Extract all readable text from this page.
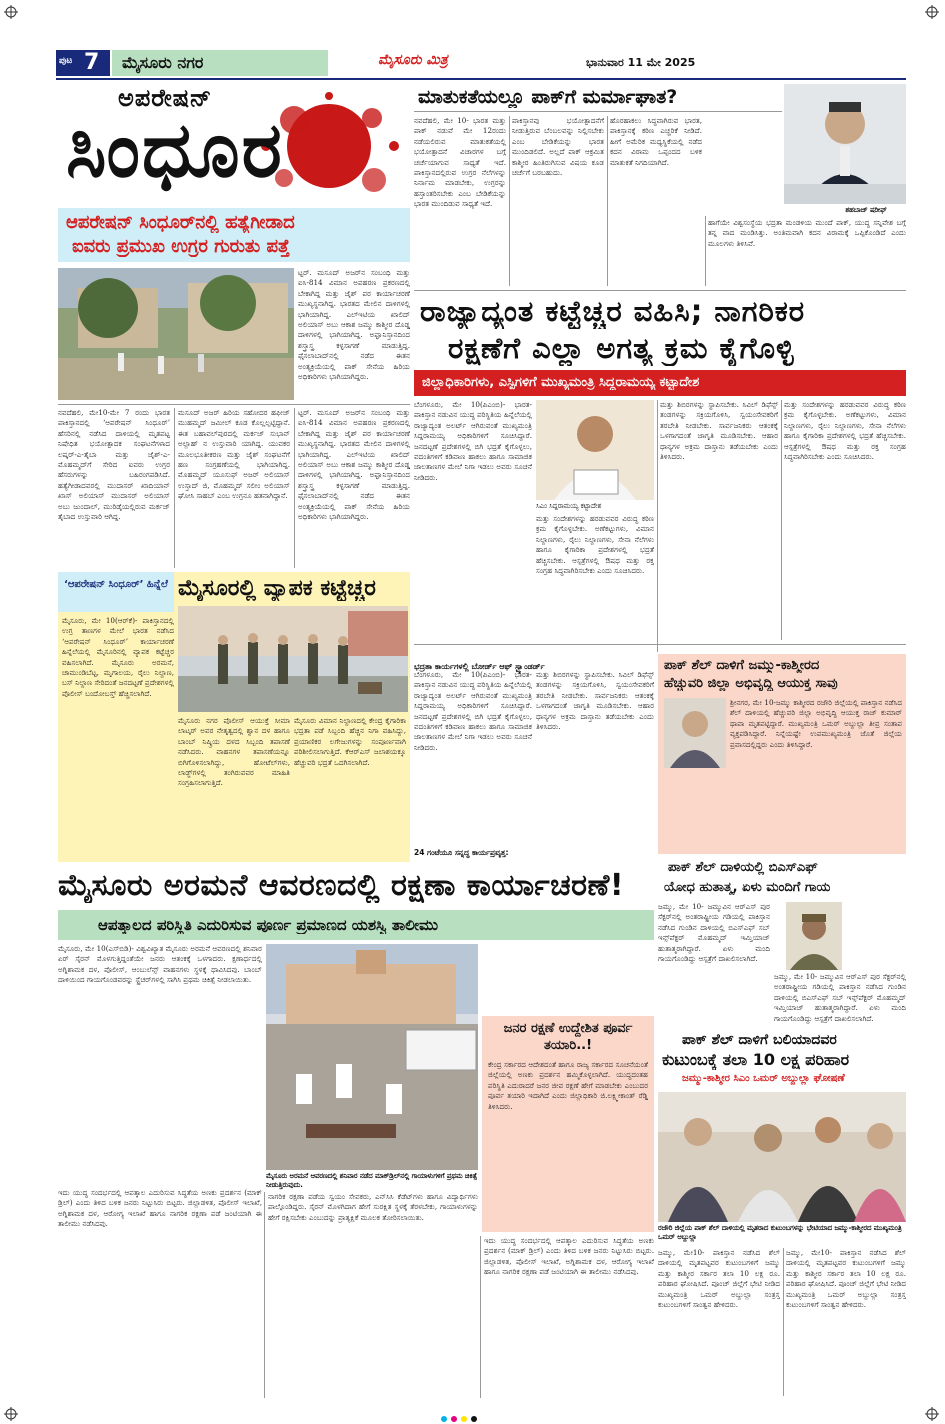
ಪುಟ 7 ಮೈಸೂರು ನಗರ	ಮೈಸೂರು ಮಿತ್ರ	ಭಾನುವಾರ 11 ಮೇ 2025
ಅಪರೇಷನ್
ಸಿಂಧೂರ
ಆಪರೇಷನ್ ಸಿಂಧೂರ್‌ನಲ್ಲಿ ಹತ್ಯೆಗೀಡಾದ
ಐವರು ಪ್ರಮುಖ ಉಗ್ರರ ಗುರುತು ಪತ್ತೆ
ಟ್ಟರ್. ಮಸೂದ್ ಅಜರ್‌ನ ಸಂಬಂಧಿ ಮತ್ತು ಐಸಿ-814 ವಿಮಾನ ಅಪಹರಣ ಪ್ರಕರಣದಲ್ಲಿ ಬೇಕಾಗಿದ್ದ ಮತ್ತು ಜೈಶ್ ಪರ ಕಾರ್ಯಾಚರಣೆ ಮುಖ್ಯಸ್ಥನಾಗಿದ್ದ. ಭಾರತದ ಮೇಲಿನ ದಾಳಿಗಳಲ್ಲಿ ಭಾಗಿಯಾಗಿದ್ದ. ಎಲ್‌ಇಟಿಯ ಖಾಲಿದ್ ಅಲಿಯಾಸ್ ಅಬು ಆಕಾಶ ಜಮ್ಮು ಕಾಶ್ಮೀರ ದೊಡ್ಡ ದಾಳಿಗಳಲ್ಲಿ ಭಾಗಿಯಾಗಿದ್ದ. ಅಫ್ಘಾನಿಸ್ತಾನದಿಂದ ಶಸ್ತ್ರಾಸ್ತ್ರ ಕಳ್ಳಸಾಗಣೆ ಮಾಡುತ್ತಿದ್ದ. ಫೈಸಲಾಬಾದ್‌ನಲ್ಲಿ ನಡೆದ ಈತನ ಅಂತ್ಯಕ್ರಿಯೆಯಲ್ಲಿ ಪಾಕ್ ಸೇನೆಯ ಹಿರಿಯ ಅಧಿಕಾರಿಗಳು ಭಾಗಿಯಾಗಿದ್ದರು.
ನವದೆಹಲಿ, ಮೇ10-ಮೇ 7 ರಂದು ಭಾರತ ಪಾಕಿಸ್ತಾನದಲ್ಲಿ ‘ಆಪರೇಷನ್ ಸಿಂಧೂರ್’ ಹೆಸರಿನಲ್ಲಿ ನಡೆಸಿದ ದಾಳಿಯಲ್ಲಿ ಮೃತಪಟ್ಟ ನಿಷೇಧಿತ ಭಯೋತ್ಪಾದಕ ಸಂಘಟನೆಗಳಾದ ಲಷ್ಕರ್-ಎ-ತೈಬಾ ಮತ್ತು ಜೈಶ್-ಎ-ಮೊಹಮ್ಮದ್‌ಗೆ ಸೇರಿದ ಐವರು ಉಗ್ರರ ಹೆಸರುಗಳನ್ನು ಬಹಿರಂಗಪಡಿಸಿದೆ. ಹತ್ಯೆಗೀಡಾದವರಲ್ಲಿ ಮುದಾಸರ್ ಖಾದಿಯಾನ್ ಖಾಸ್ ಅಲಿಯಾಸ್ ಮುದಾಸರ್ ಅಲಿಯಾಸ್ ಅಬು ಜುಂದಾಲ್, ಮುರಿಡ್ಕೆಯಲ್ಲಿರುವ ಮರ್ಕಜ್ ತೈಬಾದ ಉಸ್ತುವಾರಿ ಆಗಿದ್ದ.
ಮಸೂದ್ ಅಜರ್ ಹಿರಿಯ ಸಹೋದರ ಹಫೀಜ್ ಮುಹಮ್ಮದ್ ಜಮೀಲ್ ಕೂಡ ಕೊಲ್ಲಲ್ಪಟ್ಟಿದ್ದಾನೆ. ಈತ ಬಹಾವಲ್‌ಪುರದಲ್ಲಿ ಮರ್ಕಜ್ ಸುಭಾನ್ ಅಲ್ಲಾಹ್ ನ ಉಸ್ತುವಾರಿ ಯಾಗಿದ್ದ. ಯುವಕರ ಮೂಲಭೂತೀಕರಣ ಮತ್ತು ಜೈಶ್ ಸಂಘಟನೆಗೆ ಹಣ ಸಂಗ್ರಹಣೆಯಲ್ಲಿ ಭಾಗಿಯಾಗಿದ್ದ. ಮೊಹಮ್ಮದ್ ಯೂಸುಫ್ ಅಜರ್ ಅಲಿಯಾಸ್ ಉಸ್ತಾದ್ ಜಿ, ಮೊಹಮ್ಮದ್ ಸಲೀಂ ಅಲಿಯಾಸ್ ಘೋಸಿ ಸಾಹಬ್ ಎಂಬ ಉಗ್ರನೂ ಹತನಾಗಿದ್ದಾನೆ.
ಟ್ಟರ್. ಮಸೂದ್ ಅಜರ್‌ನ ಸಂಬಂಧಿ ಮತ್ತು ಐಸಿ-814 ವಿಮಾನ ಅಪಹರಣ ಪ್ರಕರಣದಲ್ಲಿ ಬೇಕಾಗಿದ್ದ ಮತ್ತು ಜೈಶ್ ಪರ ಕಾರ್ಯಾಚರಣೆ ಮುಖ್ಯಸ್ಥನಾಗಿದ್ದ. ಭಾರತದ ಮೇಲಿನ ದಾಳಿಗಳಲ್ಲಿ ಭಾಗಿಯಾಗಿದ್ದ. ಎಲ್‌ಇಟಿಯ ಖಾಲಿದ್ ಅಲಿಯಾಸ್ ಅಬು ಆಕಾಶ ಜಮ್ಮು ಕಾಶ್ಮೀರ ದೊಡ್ಡ ದಾಳಿಗಳಲ್ಲಿ ಭಾಗಿಯಾಗಿದ್ದ. ಅಫ್ಘಾನಿಸ್ತಾನದಿಂದ ಶಸ್ತ್ರಾಸ್ತ್ರ ಕಳ್ಳಸಾಗಣೆ ಮಾಡುತ್ತಿದ್ದ. ಫೈಸಲಾಬಾದ್‌ನಲ್ಲಿ ನಡೆದ ಈತನ ಅಂತ್ಯಕ್ರಿಯೆಯಲ್ಲಿ ಪಾಕ್ ಸೇನೆಯ ಹಿರಿಯ ಅಧಿಕಾರಿಗಳು ಭಾಗಿಯಾಗಿದ್ದರು.
ಮಾತುಕತೆಯಲ್ಲೂ ಪಾಕ್‌ಗೆ ಮರ್ಮಾಘಾತ?
ಶಹಬಾಜ್ ಷರೀಫ್
ನವದೆಹಲಿ, ಮೇ 10- ಭಾರತ ಮತ್ತು ಪಾಕ್ ನಡುವೆ ಮೇ 12ರಂದು ನಡೆಯಲಿರುವ ಮಾತುಕತೆಯಲ್ಲಿ ಭಯೋತ್ಪಾದನೆ ವಿಚಾರಗಳ ಬಗ್ಗೆ ಚರ್ಚೆಯಾಗುವ ಸಾಧ್ಯತೆ ಇದೆ. ಪಾಕಿಸ್ತಾನದಲ್ಲಿರುವ ಉಗ್ರರ ನೆಲೆಗಳನ್ನು ನಿರ್ನಾಮ ಮಾಡಬೇಕು, ಉಗ್ರರನ್ನು ಹಸ್ತಾಂತರಿಸಬೇಕು ಎಂಬ ಬೇಡಿಕೆಯನ್ನು ಭಾರತ ಮುಂದಿಡುವ ಸಾಧ್ಯತೆ ಇದೆ.
ಪಾಕಿಸ್ತಾನವು ಭಯೋತ್ಪಾದನೆಗೆ ನೀಡುತ್ತಿರುವ ಬೆಂಬಲವನ್ನು ನಿಲ್ಲಿಸಬೇಕು ಎಂಬ ಬೇಡಿಕೆಯನ್ನು ಭಾರತ ಮುಂದಿಡಲಿದೆ. ಅಲ್ಲದೆ ಪಾಕ್ ಆಕ್ರಮಿತ ಕಾಶ್ಮೀರ ಹಿಂತಿರುಗಿಸುವ ವಿಷಯ ಕೂಡ ಚರ್ಚೆಗೆ ಬರಬಹುದು.
ಹೊರಹಾಕಲು ಸಿದ್ಧವಾಗಿರುವ ಭಾರತ, ಪಾಕಿಸ್ತಾನಕ್ಕೆ ಕಠಿಣ ಎಚ್ಚರಿಕೆ ನೀಡಿದೆ. ಹೀಗೆ ಅಮೆರಿಕ ಮಧ್ಯಸ್ಥಿಕೆಯಲ್ಲಿ ನಡೆದ ಕದನ ವಿರಾಮ ಒಪ್ಪಂದದ ಬಳಿಕ ಮಾತುಕತೆ ನಿಗದಿಯಾಗಿದೆ.
ಹಾಗೆಯೇ ವಿಶ್ವಸಂಸ್ಥೆಯ ಭದ್ರತಾ ಮಂಡಳಿಯ ಮುಂದೆ ಪಾಕ್, ಯುದ್ಧ ಸನ್ನಿವೇಶ ಬಗ್ಗೆ ತನ್ನ ವಾದ ಮಂಡಿಸಿತ್ತು. ಅಂತಿಮವಾಗಿ ಕದನ ವಿರಾಮಕ್ಕೆ ಒಪ್ಪಿಕೊಂಡಿದೆ ಎಂದು ಮೂಲಗಳು ತಿಳಿಸಿವೆ.
ರಾಜ್ಯಾದ್ಯಂತ ಕಟ್ಟೆಚ್ಚರ ವಹಿಸಿ; ನಾಗರಿಕರ
ರಕ್ಷಣೆಗೆ ಎಲ್ಲಾ ಅಗತ್ಯ ಕ್ರಮ ಕೈಗೊಳ್ಳಿ
ಜಿಲ್ಲಾಧಿಕಾರಿಗಳು, ಎಸ್ಪಿಗಳಿಗೆ ಮುಖ್ಯಮಂತ್ರಿ ಸಿದ್ದರಾಮಯ್ಯ ಕಟ್ಟಾದೇಶ
ಬೆಂಗಳೂರು, ಮೇ 10(ಪಿಎಂಬಿ)- ಭಾರತ-ಪಾಕಿಸ್ತಾನ ನಡುವಿನ ಯುದ್ಧ ಪರಿಸ್ಥಿತಿಯ ಹಿನ್ನೆಲೆಯಲ್ಲಿ ರಾಜ್ಯಾದ್ಯಂತ ಅಲರ್ಟ್ ಆಗಿರುವಂತೆ ಮುಖ್ಯಮಂತ್ರಿ ಸಿದ್ದರಾಮಯ್ಯ ಅಧಿಕಾರಿಗಳಿಗೆ ಸೂಚಿಸಿದ್ದಾರೆ. ಜನದಟ್ಟಣೆ ಪ್ರದೇಶಗಳಲ್ಲಿ ಬಿಗಿ ಭದ್ರತೆ ಕೈಗೊಳ್ಳಲು, ವದಂತಿಗಳಿಗೆ ಕಡಿವಾಣ ಹಾಕಲು ಹಾಗೂ ಸಾಮಾಜಿಕ ಜಾಲತಾಣಗಳ ಮೇಲೆ ನಿಗಾ ಇಡಲು ಅವರು ಸೂಚನೆ ನೀಡಿದರು.
ಸಿಎಂ ಸಿದ್ದರಾಮಯ್ಯ ಕಟ್ಟಾದೇಶ
ಮತ್ತು ಸಂದೇಶಗಳನ್ನು ಹರಡುವವರ ವಿರುದ್ಧ ಕಠಿಣ ಕ್ರಮ ಕೈಗೊಳ್ಳಬೇಕು. ಅಣೆಕಟ್ಟುಗಳು, ವಿಮಾನ ನಿಲ್ದಾಣಗಳು, ರೈಲು ನಿಲ್ದಾಣಗಳು, ಸೇನಾ ನೆಲೆಗಳು ಹಾಗೂ ಕೈಗಾರಿಕಾ ಪ್ರದೇಶಗಳಲ್ಲಿ ಭದ್ರತೆ ಹೆಚ್ಚಿಸಬೇಕು. ಆಸ್ಪತ್ರೆಗಳಲ್ಲಿ ಔಷಧ ಮತ್ತು ರಕ್ತ ಸಂಗ್ರಹ ಸಿದ್ಧವಾಗಿರಿಸಬೇಕು ಎಂದು ಸೂಚಿಸಿದರು.
ಮತ್ತು ಶಿಬಿರಗಳನ್ನು ಸ್ಥಾಪಿಸಬೇಕು. ಸಿವಿಲ್ ಡಿಫೆನ್ಸ್ ತಂಡಗಳನ್ನು ಸಕ್ರಿಯಗೊಳಿಸಿ, ಸ್ವಯಂಸೇವಕರಿಗೆ ತರಬೇತಿ ನೀಡಬೇಕು. ಸಾರ್ವಜನಿಕರು ಆತಂಕಕ್ಕೆ ಒಳಗಾಗದಂತೆ ಜಾಗೃತಿ ಮೂಡಿಸಬೇಕು. ಆಹಾರ ಧಾನ್ಯಗಳ ಅಕ್ರಮ ದಾಸ್ತಾನು ತಡೆಯಬೇಕು ಎಂದು ತಿಳಿಸಿದರು.
ಮತ್ತು ಸಂದೇಶಗಳನ್ನು ಹರಡುವವರ ವಿರುದ್ಧ ಕಠಿಣ ಕ್ರಮ ಕೈಗೊಳ್ಳಬೇಕು. ಅಣೆಕಟ್ಟುಗಳು, ವಿಮಾನ ನಿಲ್ದಾಣಗಳು, ರೈಲು ನಿಲ್ದಾಣಗಳು, ಸೇನಾ ನೆಲೆಗಳು ಹಾಗೂ ಕೈಗಾರಿಕಾ ಪ್ರದೇಶಗಳಲ್ಲಿ ಭದ್ರತೆ ಹೆಚ್ಚಿಸಬೇಕು. ಆಸ್ಪತ್ರೆಗಳಲ್ಲಿ ಔಷಧ ಮತ್ತು ರಕ್ತ ಸಂಗ್ರಹ ಸಿದ್ಧವಾಗಿರಿಸಬೇಕು ಎಂದು ಸೂಚಿಸಿದರು.
ಭದ್ರತಾ ಕಾರ್ಯಗಳಲ್ಲಿ ಬೋರ್ಡ್ ಆಫ್ ಸ್ಟ್ಯಾಂಡರ್ಡ್
ಬೆಂಗಳೂರು, ಮೇ 10(ಪಿಎಂಬಿ)- ಭಾರತ-ಪಾಕಿಸ್ತಾನ ನಡುವಿನ ಯುದ್ಧ ಪರಿಸ್ಥಿತಿಯ ಹಿನ್ನೆಲೆಯಲ್ಲಿ ರಾಜ್ಯಾದ್ಯಂತ ಅಲರ್ಟ್ ಆಗಿರುವಂತೆ ಮುಖ್ಯಮಂತ್ರಿ ಸಿದ್ದರಾಮಯ್ಯ ಅಧಿಕಾರಿಗಳಿಗೆ ಸೂಚಿಸಿದ್ದಾರೆ. ಜನದಟ್ಟಣೆ ಪ್ರದೇಶಗಳಲ್ಲಿ ಬಿಗಿ ಭದ್ರತೆ ಕೈಗೊಳ್ಳಲು, ವದಂತಿಗಳಿಗೆ ಕಡಿವಾಣ ಹಾಕಲು ಹಾಗೂ ಸಾಮಾಜಿಕ ಜಾಲತಾಣಗಳ ಮೇಲೆ ನಿಗಾ ಇಡಲು ಅವರು ಸೂಚನೆ ನೀಡಿದರು.
24 ಗಂಟೆಯೂ ಸನ್ನದ್ಧ ಕಾರ್ಯಪ್ರವೃತ್ತ:
ಮತ್ತು ಶಿಬಿರಗಳನ್ನು ಸ್ಥಾಪಿಸಬೇಕು. ಸಿವಿಲ್ ಡಿಫೆನ್ಸ್ ತಂಡಗಳನ್ನು ಸಕ್ರಿಯಗೊಳಿಸಿ, ಸ್ವಯಂಸೇವಕರಿಗೆ ತರಬೇತಿ ನೀಡಬೇಕು. ಸಾರ್ವಜನಿಕರು ಆತಂಕಕ್ಕೆ ಒಳಗಾಗದಂತೆ ಜಾಗೃತಿ ಮೂಡಿಸಬೇಕು. ಆಹಾರ ಧಾನ್ಯಗಳ ಅಕ್ರಮ ದಾಸ್ತಾನು ತಡೆಯಬೇಕು ಎಂದು ತಿಳಿಸಿದರು.
‘ಆಪರೇಷನ್ ಸಿಂಧೂರ್’ ಹಿನ್ನೆಲೆ ಮೈಸೂರಲ್ಲಿ ವ್ಯಾಪಕ ಕಟ್ಟೆಚ್ಚರ
ಮೈಸೂರು, ಮೇ 10(ಆರ್‌ಕೆ)- ಪಾಕಿಸ್ತಾನದಲ್ಲಿ ಉಗ್ರ ತಾಣಗಳ ಮೇಲೆ ಭಾರತ ನಡೆಸಿದ ‘ಆಪರೇಷನ್ ಸಿಂಧೂರ್’ ಕಾರ್ಯಾಚರಣೆ ಹಿನ್ನೆಲೆಯಲ್ಲಿ ಮೈಸೂರಿನಲ್ಲಿ ವ್ಯಾಪಕ ಕಟ್ಟೆಚ್ಚರ ವಹಿಸಲಾಗಿದೆ. ಮೈಸೂರು ಅರಮನೆ, ಚಾಮುಂಡಿಬೆಟ್ಟ, ಮೃಗಾಲಯ, ರೈಲು ನಿಲ್ದಾಣ, ಬಸ್ ನಿಲ್ದಾಣ ಸೇರಿದಂತೆ ಜನದಟ್ಟಣೆ ಪ್ರದೇಶಗಳಲ್ಲಿ ಪೊಲೀಸ್ ಬಂದೋಬಸ್ತ್ ಹೆಚ್ಚಿಸಲಾಗಿದೆ.
ಮೈಸೂರು ನಗರ ಪೊಲೀಸ್ ಆಯುಕ್ತೆ ಸೀಮಾ ಲಾಟ್ಕರ್ ಅವರ ನೇತೃತ್ವದಲ್ಲಿ ಶ್ವಾನ ದಳ ಹಾಗೂ ಬಾಂಬ್ ನಿಷ್ಕ್ರಿಯ ದಳದ ಸಿಬ್ಬಂದಿ ತಪಾಸಣೆ ನಡೆಸಿದರು. ವಾಹನಗಳ ತಪಾಸಣೆಯನ್ನೂ ಬಿಗಿಗೊಳಿಸಲಾಗಿದ್ದು, ಹೋಟೆಲ್‌ಗಳು, ಲಾಡ್ಜ್‌ಗಳಲ್ಲಿ ತಂಗಿರುವವರ ಮಾಹಿತಿ ಸಂಗ್ರಹಿಸಲಾಗುತ್ತಿದೆ.
ಮೈಸೂರು ವಿಮಾನ ನಿಲ್ದಾಣದಲ್ಲಿ ಕೇಂದ್ರ ಕೈಗಾರಿಕಾ ಭದ್ರತಾ ಪಡೆ ಸಿಬ್ಬಂದಿ ಹೆಚ್ಚಿನ ನಿಗಾ ವಹಿಸಿದ್ದು, ಪ್ರಯಾಣಿಕರ ಲಗೇಜುಗಳನ್ನು ಸಂಪೂರ್ಣವಾಗಿ ಪರಿಶೀಲಿಸಲಾಗುತ್ತಿದೆ. ಕೆಆರ್‌ಎಸ್ ಜಲಾಶಯಕ್ಕೂ ಹೆಚ್ಚುವರಿ ಭದ್ರತೆ ಒದಗಿಸಲಾಗಿದೆ.
ಪಾಕ್ ಶೆಲ್ ದಾಳಿಗೆ ಜಮ್ಮು-ಕಾಶ್ಮೀರದ
ಹೆಚ್ಚುವರಿ ಜಿಲ್ಲಾ ಅಭಿವೃದ್ಧಿ ಆಯುಕ್ತ ಸಾವು
ಶ್ರೀನಗರ, ಮೇ 10-ಜಮ್ಮು ಕಾಶ್ಮೀರದ ರಜೌರಿ ಜಿಲ್ಲೆಯಲ್ಲಿ ಪಾಕಿಸ್ತಾನ ನಡೆಸಿದ ಶೆಲ್ ದಾಳಿಯಲ್ಲಿ ಹೆಚ್ಚುವರಿ ಜಿಲ್ಲಾ ಅಭಿವೃದ್ಧಿ ಆಯುಕ್ತ ರಾಜ್ ಕುಮಾರ್ ಥಾಪಾ ಮೃತಪಟ್ಟಿದ್ದಾರೆ. ಮುಖ್ಯಮಂತ್ರಿ ಒಮರ್ ಅಬ್ದುಲ್ಲಾ ತೀವ್ರ ಸಂತಾಪ ವ್ಯಕ್ತಪಡಿಸಿದ್ದಾರೆ. ನಿನ್ನೆಯಷ್ಟೇ ಉಪಮುಖ್ಯಮಂತ್ರಿ ಜೊತೆ ಜಿಲ್ಲೆಯ ಪ್ರವಾಸದಲ್ಲಿದ್ದರು ಎಂದು ತಿಳಿಸಿದ್ದಾರೆ.
ಪಾಕ್ ಶೆಲ್ ದಾಳಿಯಲ್ಲಿ ಬಿಎಸ್‌ಎಫ್
ಯೋಧ ಹುತಾತ್ಮ, ಏಳು ಮಂದಿಗೆ ಗಾಯ
ಜಮ್ಮು, ಮೇ 10- ಜಮ್ಮುವಿನ ಆರ್‌ಎಸ್ ಪುರ ಸೆಕ್ಟರ್‌ನಲ್ಲಿ ಅಂತರಾಷ್ಟ್ರೀಯ ಗಡಿಯಲ್ಲಿ ಪಾಕಿಸ್ತಾನ ನಡೆಸಿದ ಗುಂಡಿನ ದಾಳಿಯಲ್ಲಿ ಬಿಎಸ್‌ಎಫ್ ಸಬ್ ಇನ್ಸ್‌ಪೆಕ್ಟರ್ ಮೊಹಮ್ಮದ್ ಇಮ್ತಿಯಾಜ್ ಹುತಾತ್ಮರಾಗಿದ್ದಾರೆ. ಏಳು ಮಂದಿ ಗಾಯಗೊಂಡಿದ್ದು ಆಸ್ಪತ್ರೆಗೆ ದಾಖಲಿಸಲಾಗಿದೆ.
ಜಮ್ಮು, ಮೇ 10- ಜಮ್ಮುವಿನ ಆರ್‌ಎಸ್ ಪುರ ಸೆಕ್ಟರ್‌ನಲ್ಲಿ ಅಂತರಾಷ್ಟ್ರೀಯ ಗಡಿಯಲ್ಲಿ ಪಾಕಿಸ್ತಾನ ನಡೆಸಿದ ಗುಂಡಿನ ದಾಳಿಯಲ್ಲಿ ಬಿಎಸ್‌ಎಫ್ ಸಬ್ ಇನ್ಸ್‌ಪೆಕ್ಟರ್ ಮೊಹಮ್ಮದ್ ಇಮ್ತಿಯಾಜ್ ಹುತಾತ್ಮರಾಗಿದ್ದಾರೆ. ಏಳು ಮಂದಿ ಗಾಯಗೊಂಡಿದ್ದು ಆಸ್ಪತ್ರೆಗೆ ದಾಖಲಿಸಲಾಗಿದೆ.
ಪಾಕ್ ಶೆಲ್ ದಾಳಿಗೆ ಬಲಿಯಾದವರ
ಕುಟುಂಬಕ್ಕೆ ತಲಾ 10 ಲಕ್ಷ ಪರಿಹಾರ
ಜಮ್ಮು-ಕಾಶ್ಮೀರ ಸಿಎಂ ಒಮರ್ ಅಬ್ದುಲ್ಲಾ ಘೋಷಣೆ
ರಜೌರಿ ಜಿಲ್ಲೆಯ ಪಾಕ್ ಶೆಲ್ ದಾಳಿಯಲ್ಲಿ ಮೃತರಾದ ಕುಟುಂಬಗಳನ್ನು ಭೇಟಿಯಾದ ಜಮ್ಮು-ಕಾಶ್ಮೀರದ ಮುಖ್ಯಮಂತ್ರಿ ಒಮರ್ ಅಬ್ದುಲ್ಲಾ
ಜಮ್ಮು, ಮೇ10- ಪಾಕಿಸ್ತಾನ ನಡೆಸಿದ ಶೆಲ್ ದಾಳಿಯಲ್ಲಿ ಮೃತಪಟ್ಟವರ ಕುಟುಂಬಗಳಿಗೆ ಜಮ್ಮು ಮತ್ತು ಕಾಶ್ಮೀರ ಸರ್ಕಾರ ತಲಾ 10 ಲಕ್ಷ ರೂ. ಪರಿಹಾರ ಘೋಷಿಸಿದೆ. ಪೂಂಚ್ ಜಿಲ್ಲೆಗೆ ಭೇಟಿ ನೀಡಿದ ಮುಖ್ಯಮಂತ್ರಿ ಒಮರ್ ಅಬ್ದುಲ್ಲಾ ಸಂತ್ರಸ್ತ ಕುಟುಂಬಗಳಿಗೆ ಸಾಂತ್ವನ ಹೇಳಿದರು.
ಜಮ್ಮು, ಮೇ10- ಪಾಕಿಸ್ತಾನ ನಡೆಸಿದ ಶೆಲ್ ದಾಳಿಯಲ್ಲಿ ಮೃತಪಟ್ಟವರ ಕುಟುಂಬಗಳಿಗೆ ಜಮ್ಮು ಮತ್ತು ಕಾಶ್ಮೀರ ಸರ್ಕಾರ ತಲಾ 10 ಲಕ್ಷ ರೂ. ಪರಿಹಾರ ಘೋಷಿಸಿದೆ. ಪೂಂಚ್ ಜಿಲ್ಲೆಗೆ ಭೇಟಿ ನೀಡಿದ ಮುಖ್ಯಮಂತ್ರಿ ಒಮರ್ ಅಬ್ದುಲ್ಲಾ ಸಂತ್ರಸ್ತ ಕುಟುಂಬಗಳಿಗೆ ಸಾಂತ್ವನ ಹೇಳಿದರು.
ಮೈಸೂರು ಅರಮನೆ ಆವರಣದಲ್ಲಿ ರಕ್ಷಣಾ ಕಾರ್ಯಾಚರಣೆ!
ಆಪತ್ಕಾಲದ ಪರಿಸ್ಥಿತಿ ಎದುರಿಸುವ ಪೂರ್ಣ ಪ್ರಮಾಣದ ಯಶಸ್ವಿ ತಾಲೀಮು
ಮೈಸೂರು, ಮೇ 10(ಎಸ್‌ಬಿಡಿ)- ವಿಶ್ವವಿಖ್ಯಾತ ಮೈಸೂರು ಅರಮನೆ ಆವರಣದಲ್ಲಿ ಶನಿವಾರ ಏರ್ ಸೈರನ್ ಮೊಳಗುತ್ತಿದ್ದಂತೆಯೇ ಜನರು ಆತಂಕಕ್ಕೆ ಒಳಗಾದರು. ಕ್ಷಣಾರ್ಧದಲ್ಲಿ ಅಗ್ನಿಶಾಮಕ ದಳ, ಪೊಲೀಸ್, ಆಂಬುಲೆನ್ಸ್ ವಾಹನಗಳು ಸ್ಥಳಕ್ಕೆ ಧಾವಿಸಿದವು. ಬಾಂಬ್ ದಾಳಿಯಿಂದ ಗಾಯಗೊಂಡವರನ್ನು ಸ್ಟ್ರೆಚರ್‌ಗಳಲ್ಲಿ ಸಾಗಿಸಿ ಪ್ರಥಮ ಚಿಕಿತ್ಸೆ ನೀಡಲಾಯಿತು.
ಮೈಸೂರು ಅರಮನೆ ಆವರಣದಲ್ಲಿ ಶನಿವಾರ ನಡೆದ ಮಾಕ್‌ಡ್ರಿಲ್‌ನಲ್ಲಿ ಗಾಯಾಳುಗಳಿಗೆ ಪ್ರಥಮ ಚಿಕಿತ್ಸೆ ನೀಡುತ್ತಿರುವುದು.
ಜನರ ರಕ್ಷಣೆ ಉದ್ದೇಶಿತ ಪೂರ್ವ ತಯಾರಿ..!
ಕೇಂದ್ರ ಸರ್ಕಾರದ ಆದೇಶದಂತೆ ಹಾಗೂ ರಾಜ್ಯ ಸರ್ಕಾರದ ಸೂಚನೆಯಂತೆ ಜಿಲ್ಲೆಯಲ್ಲಿ ಅಣಕು ಪ್ರದರ್ಶನ ಹಮ್ಮಿಕೊಳ್ಳಲಾಗಿದೆ. ಯುದ್ಧದಂತಹ ಪರಿಸ್ಥಿತಿ ಎದುರಾದರೆ ಜನರ ಜೀವ ರಕ್ಷಣೆ ಹೇಗೆ ಮಾಡಬೇಕು ಎಂಬುದರ ಪೂರ್ವ ತಯಾರಿ ಇದಾಗಿದೆ ಎಂದು ಜಿಲ್ಲಾಧಿಕಾರಿ ಜಿ.ಲಕ್ಷ್ಮೀಕಾಂತ್ ರೆಡ್ಡಿ ತಿಳಿಸಿದರು.
ಇದು ಯುದ್ಧ ಸಂದರ್ಭದಲ್ಲಿ ಆಪತ್ಕಾಲ ಎದುರಿಸುವ ಸಿದ್ಧತೆಯ ಅಣಕು ಪ್ರದರ್ಶನ (ಮಾಕ್ ಡ್ರಿಲ್) ಎಂದು ತಿಳಿದ ಬಳಿಕ ಜನರು ನಿಟ್ಟುಸಿರು ಬಿಟ್ಟರು. ಜಿಲ್ಲಾಡಳಿತ, ಪೊಲೀಸ್ ಇಲಾಖೆ, ಅಗ್ನಿಶಾಮಕ ದಳ, ಆರೋಗ್ಯ ಇಲಾಖೆ ಹಾಗೂ ನಾಗರಿಕ ರಕ್ಷಣಾ ಪಡೆ ಜಂಟಿಯಾಗಿ ಈ ತಾಲೀಮು ನಡೆಸಿದವು.
ನಾಗರಿಕ ರಕ್ಷಣಾ ಪಡೆಯ ಸ್ವಯಂ ಸೇವಕರು, ಎನ್‌ಸಿಸಿ ಕೆಡೆಟ್‌ಗಳು ಹಾಗೂ ವಿದ್ಯಾರ್ಥಿಗಳು ಪಾಲ್ಗೊಂಡಿದ್ದರು. ಸೈರನ್ ಮೊಳಗಿದಾಗ ಹೇಗೆ ಸುರಕ್ಷಿತ ಸ್ಥಳಕ್ಕೆ ತೆರಳಬೇಕು, ಗಾಯಾಳುಗಳನ್ನು ಹೇಗೆ ರಕ್ಷಿಸಬೇಕು ಎಂಬುದನ್ನು ಪ್ರಾತ್ಯಕ್ಷಿಕೆ ಮೂಲಕ ತೋರಿಸಲಾಯಿತು.
ಇದು ಯುದ್ಧ ಸಂದರ್ಭದಲ್ಲಿ ಆಪತ್ಕಾಲ ಎದುರಿಸುವ ಸಿದ್ಧತೆಯ ಅಣಕು ಪ್ರದರ್ಶನ (ಮಾಕ್ ಡ್ರಿಲ್) ಎಂದು ತಿಳಿದ ಬಳಿಕ ಜನರು ನಿಟ್ಟುಸಿರು ಬಿಟ್ಟರು. ಜಿಲ್ಲಾಡಳಿತ, ಪೊಲೀಸ್ ಇಲಾಖೆ, ಅಗ್ನಿಶಾಮಕ ದಳ, ಆರೋಗ್ಯ ಇಲಾಖೆ ಹಾಗೂ ನಾಗರಿಕ ರಕ್ಷಣಾ ಪಡೆ ಜಂಟಿಯಾಗಿ ಈ ತಾಲೀಮು ನಡೆಸಿದವು.
